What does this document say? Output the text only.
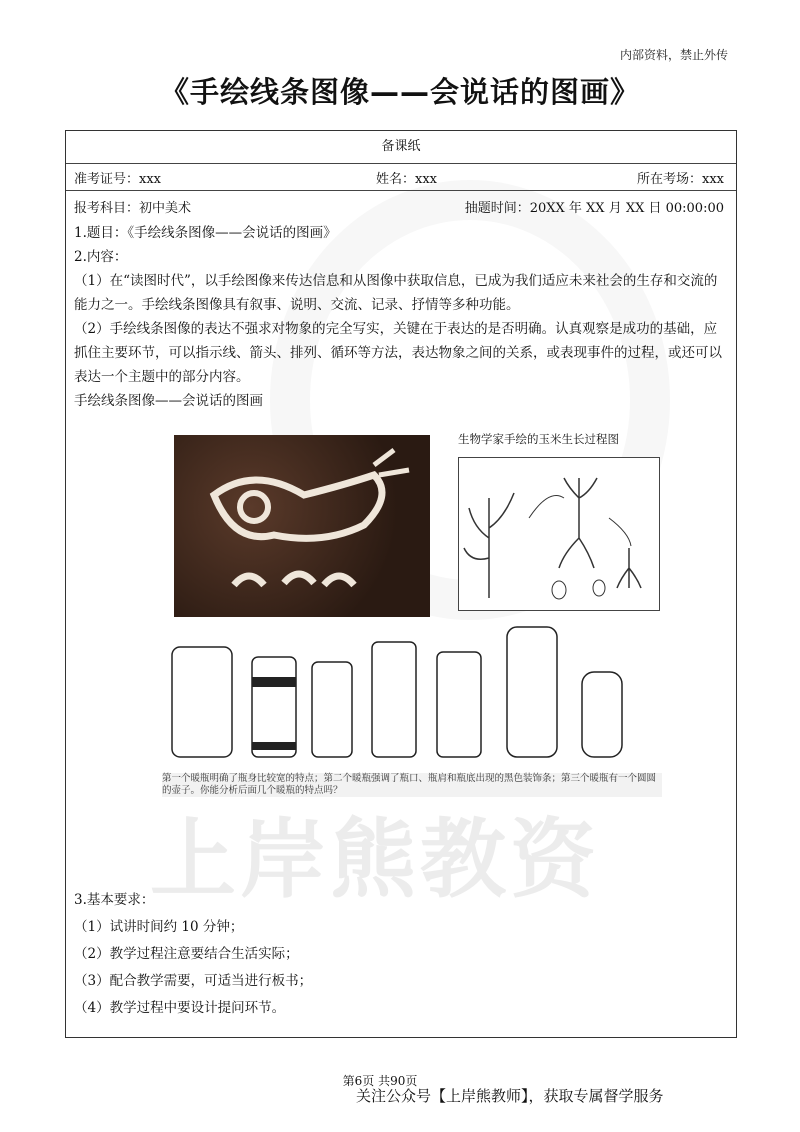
上岸熊教资
内部资料，禁止外传
《手绘线条图像——会说话的图画》
备课纸
准考证号：xxx	姓名：xxx	所在考场：xxx
报考科目：初中美术	抽题时间：20XX 年 XX 月 XX 日 00:00:00

1.题目：《手绘线条图像——会说话的图画》

2.内容：

（1）在“读图时代”，以手绘图像来传达信息和从图像中获取信息，已成为我们适应未来社会的生存和交流的能力之一。手绘线条图像具有叙事、说明、交流、记录、抒情等多种功能。

（2）手绘线条图像的表达不强求对物象的完全写实，关键在于表达的是否明确。认真观察是成功的基础，应抓住主要环节，可以指示线、箭头、排列、循环等方法，表达物象之间的关系，或表现事件的过程，或还可以表达一个主题中的部分内容。

手绘线条图像——会说话的图画

生物学家手绘的玉米生长过程图
第一个暖瓶明确了瓶身比较宽的特点；第二个暖瓶强调了瓶口、瓶肩和瓶底出现的黑色装饰条；第三个暖瓶有一个圆圆的壶子。你能分析后面几个暖瓶的特点吗？

3.基本要求：

（1）试讲时间约 10 分钟；

（2）教学过程注意要结合生活实际；

（3）配合教学需要，可适当进行板书；

（4）教学过程中要设计提问环节。

第6页 共90页
关注公众号【上岸熊教师】，获取专属督学服务
